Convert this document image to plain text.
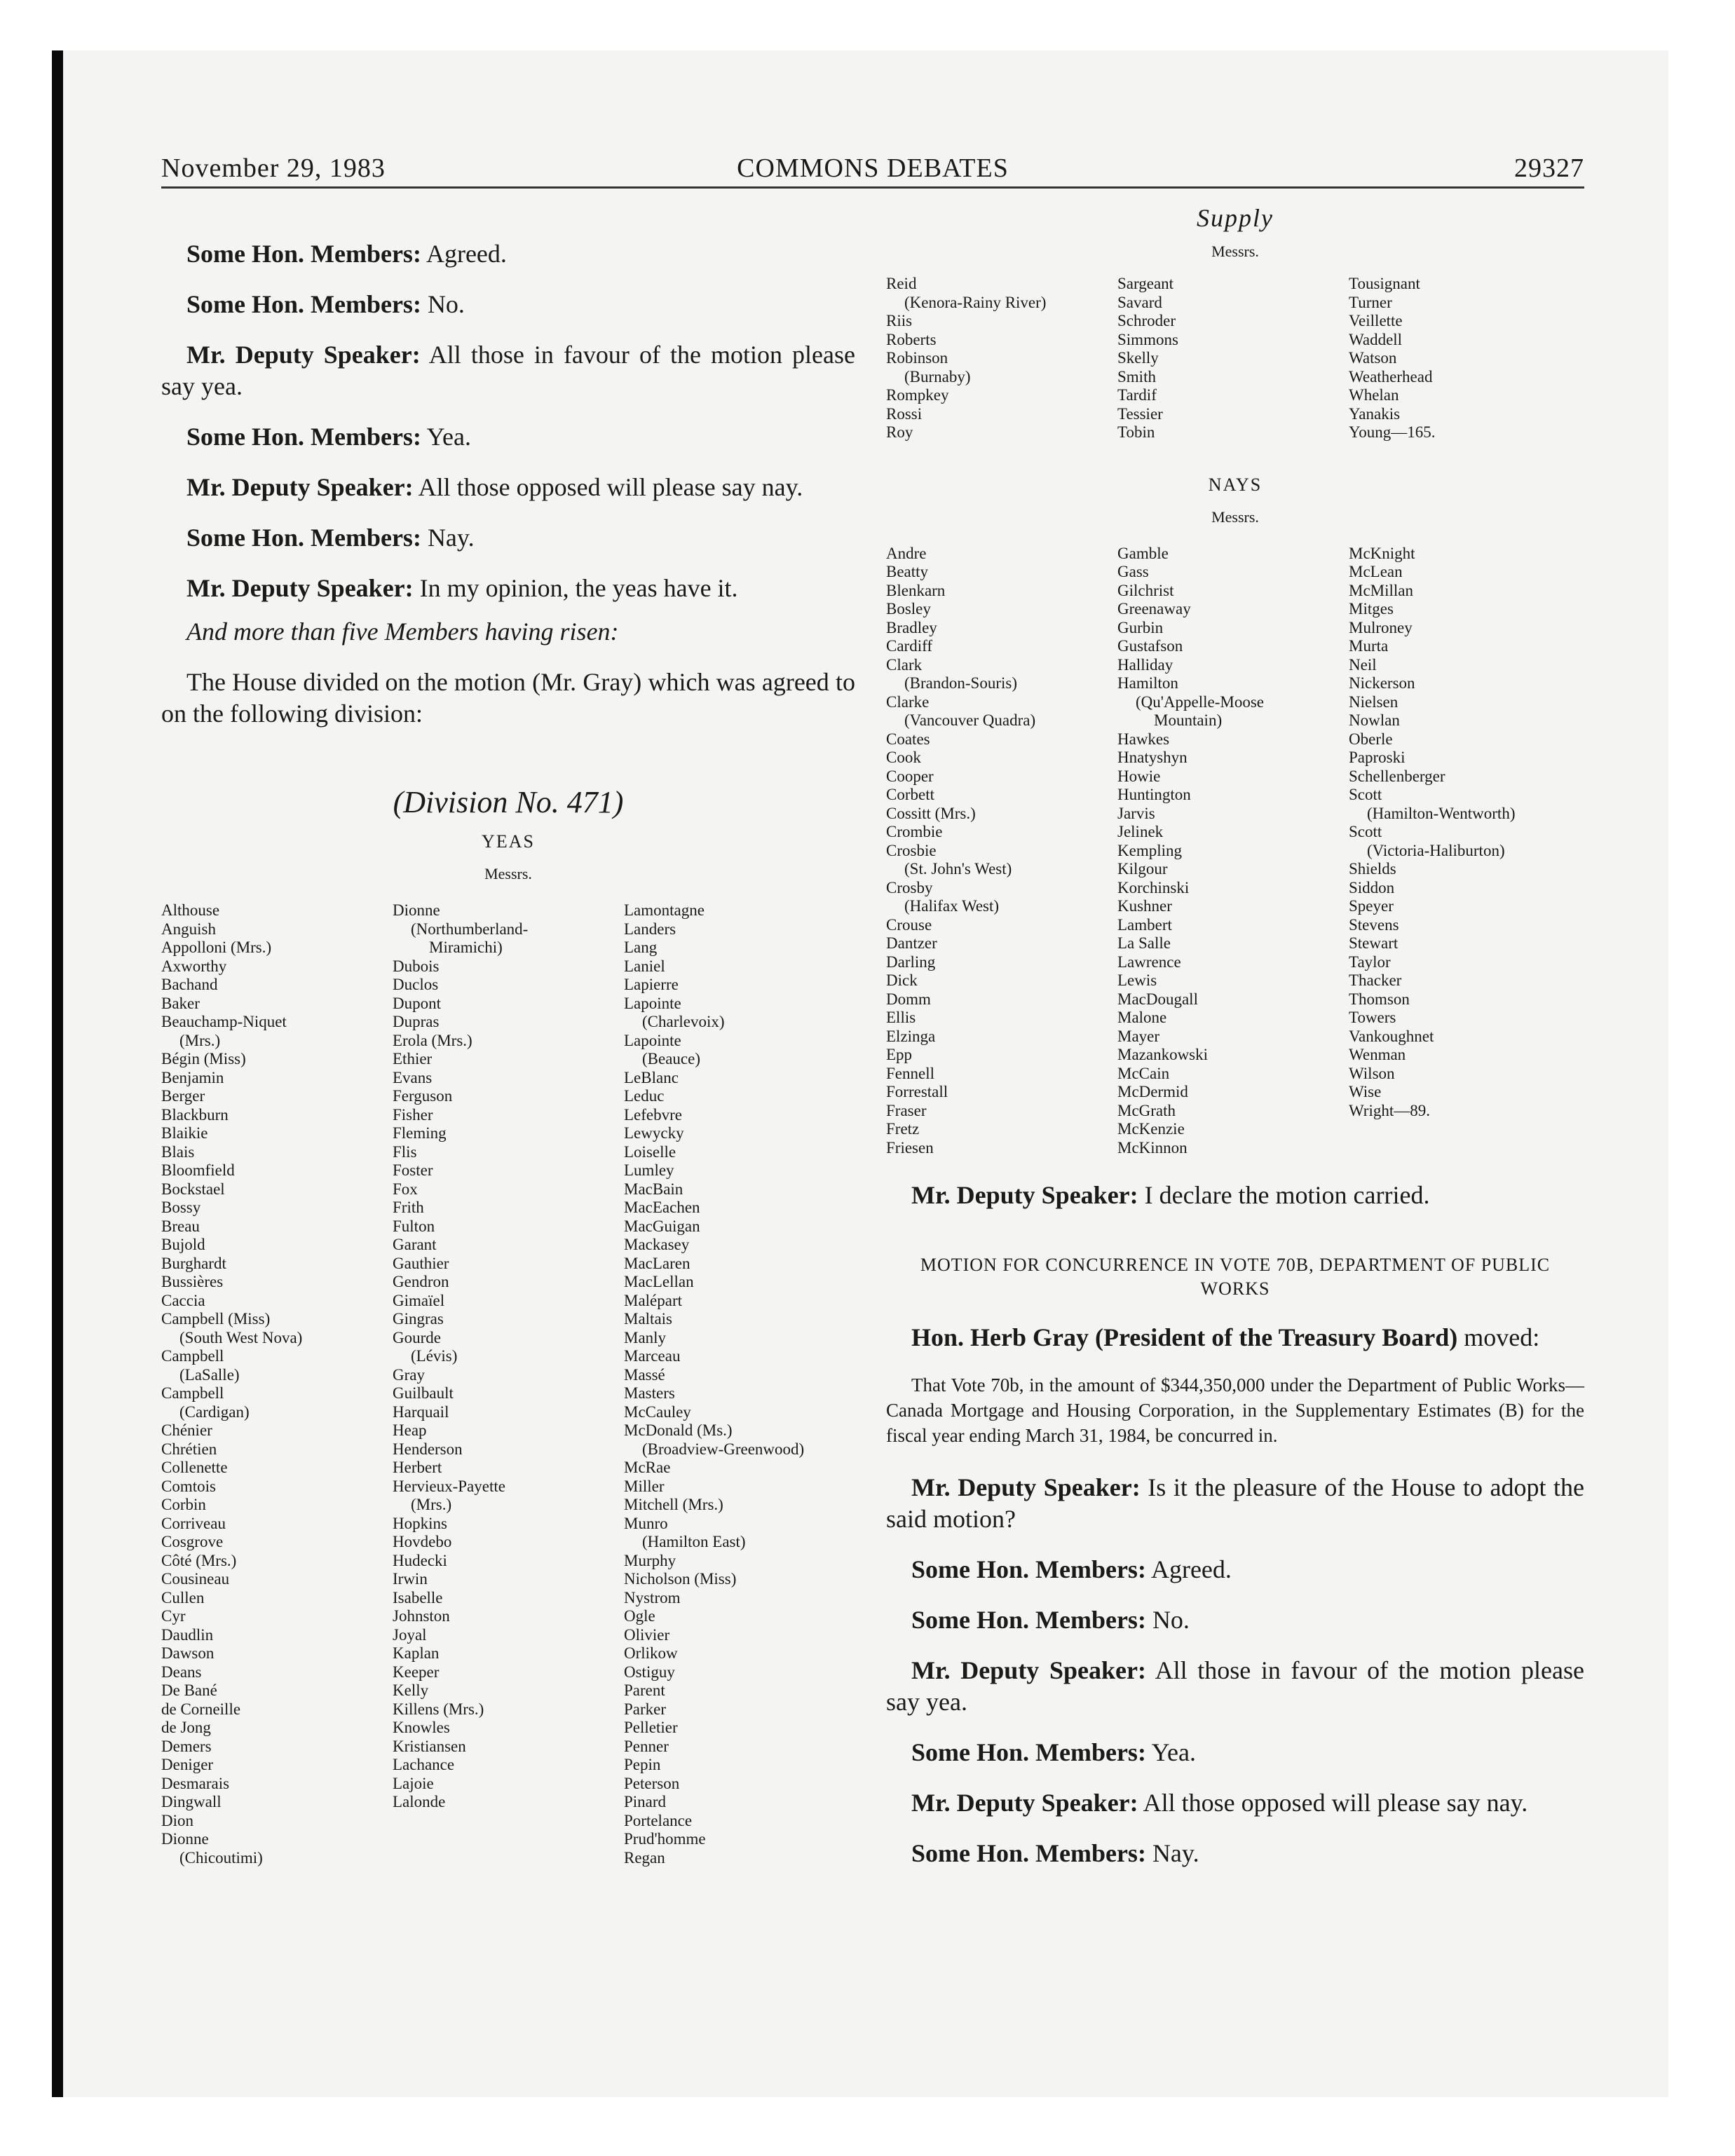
November 29, 1983	COMMONS DEBATES	29327

Some Hon. Members: Agreed.

Some Hon. Members: No.

Mr. Deputy Speaker: All those in favour of the motion please say yea.

Some Hon. Members: Yea.

Mr. Deputy Speaker: All those opposed will please say nay.

Some Hon. Members: Nay.

Mr. Deputy Speaker: In my opinion, the yeas have it.

And more than five Members having risen:

The House divided on the motion (Mr. Gray) which was agreed to on the following division:

(Division No. 471)
YEAS
Messrs.
Althouse
Anguish
Appolloni (Mrs.)
Axworthy
Bachand
Baker
Beauchamp-Niquet
(Mrs.)
Bégin (Miss)
Benjamin
Berger
Blackburn
Blaikie
Blais
Bloomfield
Bockstael
Bossy
Breau
Bujold
Burghardt
Bussières
Caccia
Campbell (Miss)
(South West Nova)
Campbell
(LaSalle)
Campbell
(Cardigan)
Chénier
Chrétien
Collenette
Comtois
Corbin
Corriveau
Cosgrove
Côté (Mrs.)
Cousineau
Cullen
Cyr
Daudlin
Dawson
Deans
De Bané
de Corneille
de Jong
Demers
Deniger
Desmarais
Dingwall
Dion
Dionne
(Chicoutimi)
Dionne
(Northumberland-
Miramichi)
Dubois
Duclos
Dupont
Dupras
Erola (Mrs.)
Ethier
Evans
Ferguson
Fisher
Fleming
Flis
Foster
Fox
Frith
Fulton
Garant
Gauthier
Gendron
Gimaïel
Gingras
Gourde
(Lévis)
Gray
Guilbault
Harquail
Heap
Henderson
Herbert
Hervieux-Payette
(Mrs.)
Hopkins
Hovdebo
Hudecki
Irwin
Isabelle
Johnston
Joyal
Kaplan
Keeper
Kelly
Killens (Mrs.)
Knowles
Kristiansen
Lachance
Lajoie
Lalonde
Lamontagne
Landers
Lang
Laniel
Lapierre
Lapointe
(Charlevoix)
Lapointe
(Beauce)
LeBlanc
Leduc
Lefebvre
Lewycky
Loiselle
Lumley
MacBain
MacEachen
MacGuigan
Mackasey
MacLaren
MacLellan
Malépart
Maltais
Manly
Marceau
Massé
Masters
McCauley
McDonald (Ms.)
(Broadview-Greenwood)
McRae
Miller
Mitchell (Mrs.)
Munro
(Hamilton East)
Murphy
Nicholson (Miss)
Nystrom
Ogle
Olivier
Orlikow
Ostiguy
Parent
Parker
Pelletier
Penner
Pepin
Peterson
Pinard
Portelance
Prud'homme
Regan
Supply
Messrs.
Reid
(Kenora-Rainy River)
Riis
Roberts
Robinson
(Burnaby)
Rompkey
Rossi
Roy
Sargeant
Savard
Schroder
Simmons
Skelly
Smith
Tardif
Tessier
Tobin
Tousignant
Turner
Veillette
Waddell
Watson
Weatherhead
Whelan
Yanakis
Young—165.
NAYS
Messrs.
Andre
Beatty
Blenkarn
Bosley
Bradley
Cardiff
Clark
(Brandon-Souris)
Clarke
(Vancouver Quadra)
Coates
Cook
Cooper
Corbett
Cossitt (Mrs.)
Crombie
Crosbie
(St. John's West)
Crosby
(Halifax West)
Crouse
Dantzer
Darling
Dick
Domm
Ellis
Elzinga
Epp
Fennell
Forrestall
Fraser
Fretz
Friesen
Gamble
Gass
Gilchrist
Greenaway
Gurbin
Gustafson
Halliday
Hamilton
(Qu'Appelle-Moose
Mountain)
Hawkes
Hnatyshyn
Howie
Huntington
Jarvis
Jelinek
Kempling
Kilgour
Korchinski
Kushner
Lambert
La Salle
Lawrence
Lewis
MacDougall
Malone
Mayer
Mazankowski
McCain
McDermid
McGrath
McKenzie
McKinnon
McKnight
McLean
McMillan
Mitges
Mulroney
Murta
Neil
Nickerson
Nielsen
Nowlan
Oberle
Paproski
Schellenberger
Scott
(Hamilton-Wentworth)
Scott
(Victoria-Haliburton)
Shields
Siddon
Speyer
Stevens
Stewart
Taylor
Thacker
Thomson
Towers
Vankoughnet
Wenman
Wilson
Wise
Wright—89.

Mr. Deputy Speaker: I declare the motion carried.

MOTION FOR CONCURRENCE IN VOTE 70B, DEPARTMENT OF PUBLIC WORKS

Hon. Herb Gray (President of the Treasury Board) moved:

That Vote 70b, in the amount of $344,350,000 under the Department of Public Works—Canada Mortgage and Housing Corporation, in the Supplementary Estimates (B) for the fiscal year ending March 31, 1984, be concurred in.

Mr. Deputy Speaker: Is it the pleasure of the House to adopt the said motion?

Some Hon. Members: Agreed.

Some Hon. Members: No.

Mr. Deputy Speaker: All those in favour of the motion please say yea.

Some Hon. Members: Yea.

Mr. Deputy Speaker: All those opposed will please say nay.

Some Hon. Members: Nay.
